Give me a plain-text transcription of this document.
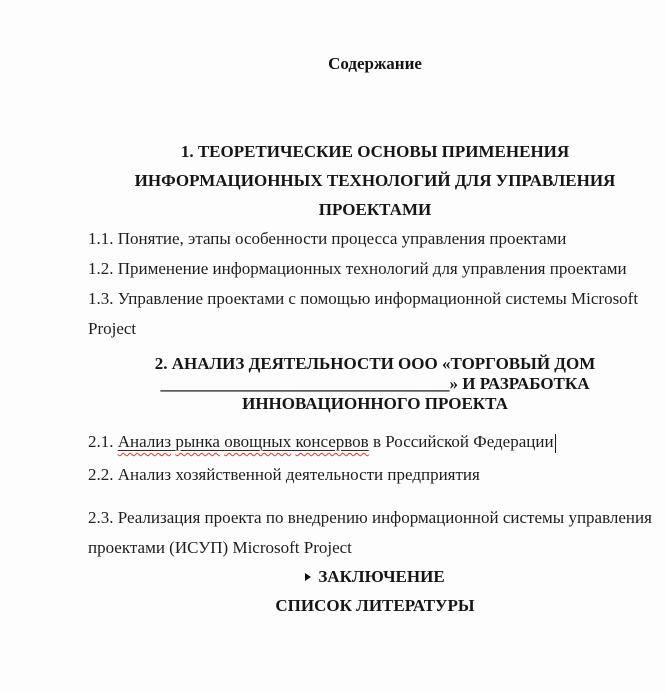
Содержание
1. ТЕОРЕТИЧЕСКИЕ ОСНОВЫ ПРИМЕНЕНИЯ
ИНФОРМАЦИОННЫХ ТЕХНОЛОГИЙ ДЛЯ УПРАВЛЕНИЯ
ПРОЕКТАМИ
1.1. Понятие, этапы особенности процесса управления проектами
1.2. Применение информационных технологий для управления проектами
1.3. Управление проектами с помощью информационной системы Microsoft
Project
2. АНАЛИЗ ДЕЯТЕЛЬНОСТИ ООО «ТОРГОВЫЙ ДОМ
__________________________________» И РАЗРАБОТКА
ИННОВАЦИОННОГО ПРОЕКТА
2.1. Анализ рынка овощных консервов в Российской Федерации
2.2. Анализ хозяйственной деятельности предприятия
2.3. Реализация проекта по внедрению информационной системы управления
проектами (ИСУП) Microsoft Project
ЗАКЛЮЧЕНИЕ
СПИСОК ЛИТЕРАТУРЫ
